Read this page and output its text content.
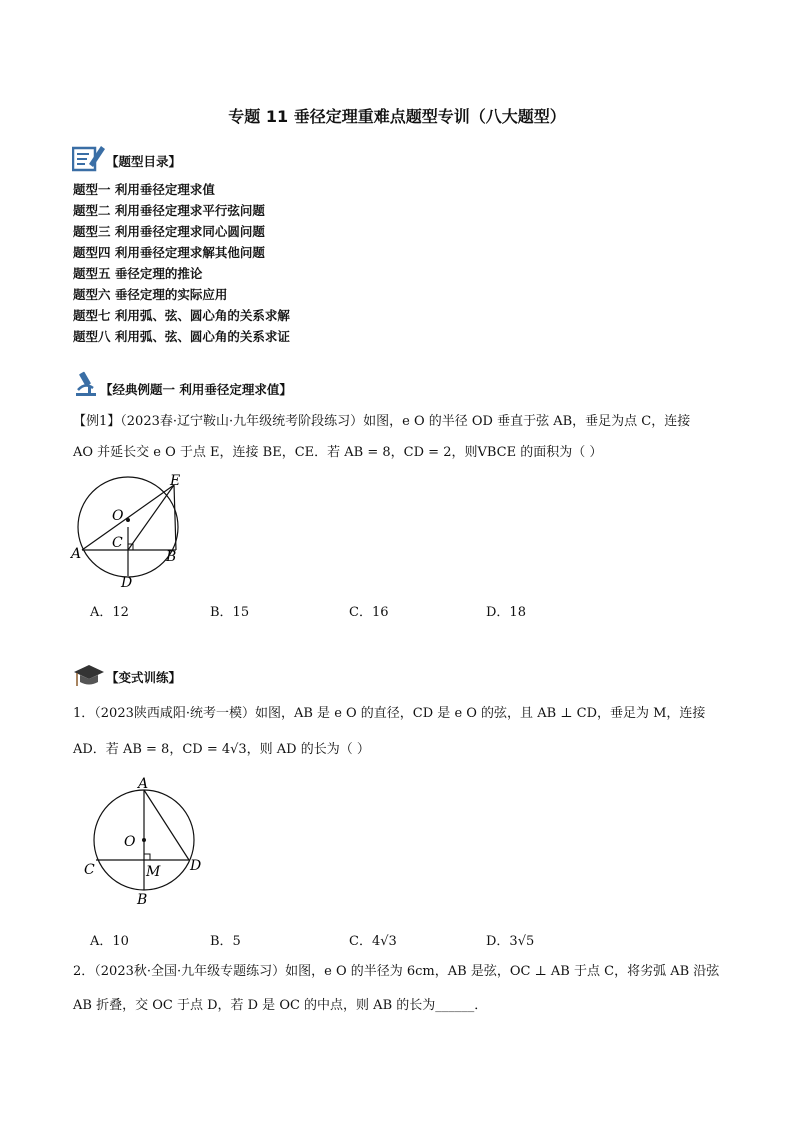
专题 11 垂径定理重难点题型专训（八大题型）
【题型目录】
题型一 利用垂径定理求值
题型二 利用垂径定理求平行弦问题
题型三 利用垂径定理求同心圆问题
题型四 利用垂径定理求解其他问题
题型五 垂径定理的推论
题型六 垂径定理的实际应用
题型七 利用弧、弦、圆心角的关系求解
题型八 利用弧、弦、圆心角的关系求证
【经典例题一 利用垂径定理求值】
【例1】（2023春·辽宁鞍山·九年级统考阶段练习）如图，e O 的半径 OD 垂直于弦 AB，垂足为点 C，连接
AO 并延长交 e O 于点 E，连接 BE，CE．若 AB = 8，CD = 2，则VBCE 的面积为（ ）
E
O
C
A	B
D
A．12	B．15	C．16	D．18
【变式训练】
1．（2023陕西咸阳·统考一模）如图，AB 是 e O 的直径，CD 是 e O 的弦，且 AB ⊥ CD，垂足为 M，连接
AD．若 AB = 8，CD = 4√3，则 AD 的长为（ ）
A
O
C	M D
B
A．10	B．5	C．4√3	D．3√5
2．（2023秋·全国·九年级专题练习）如图，e O 的半径为 6cm，AB 是弦，OC ⊥ AB 于点 C，将劣弧 AB 沿弦
AB 折叠，交 OC 于点 D，若 D 是 OC 的中点，则 AB 的长为______．
